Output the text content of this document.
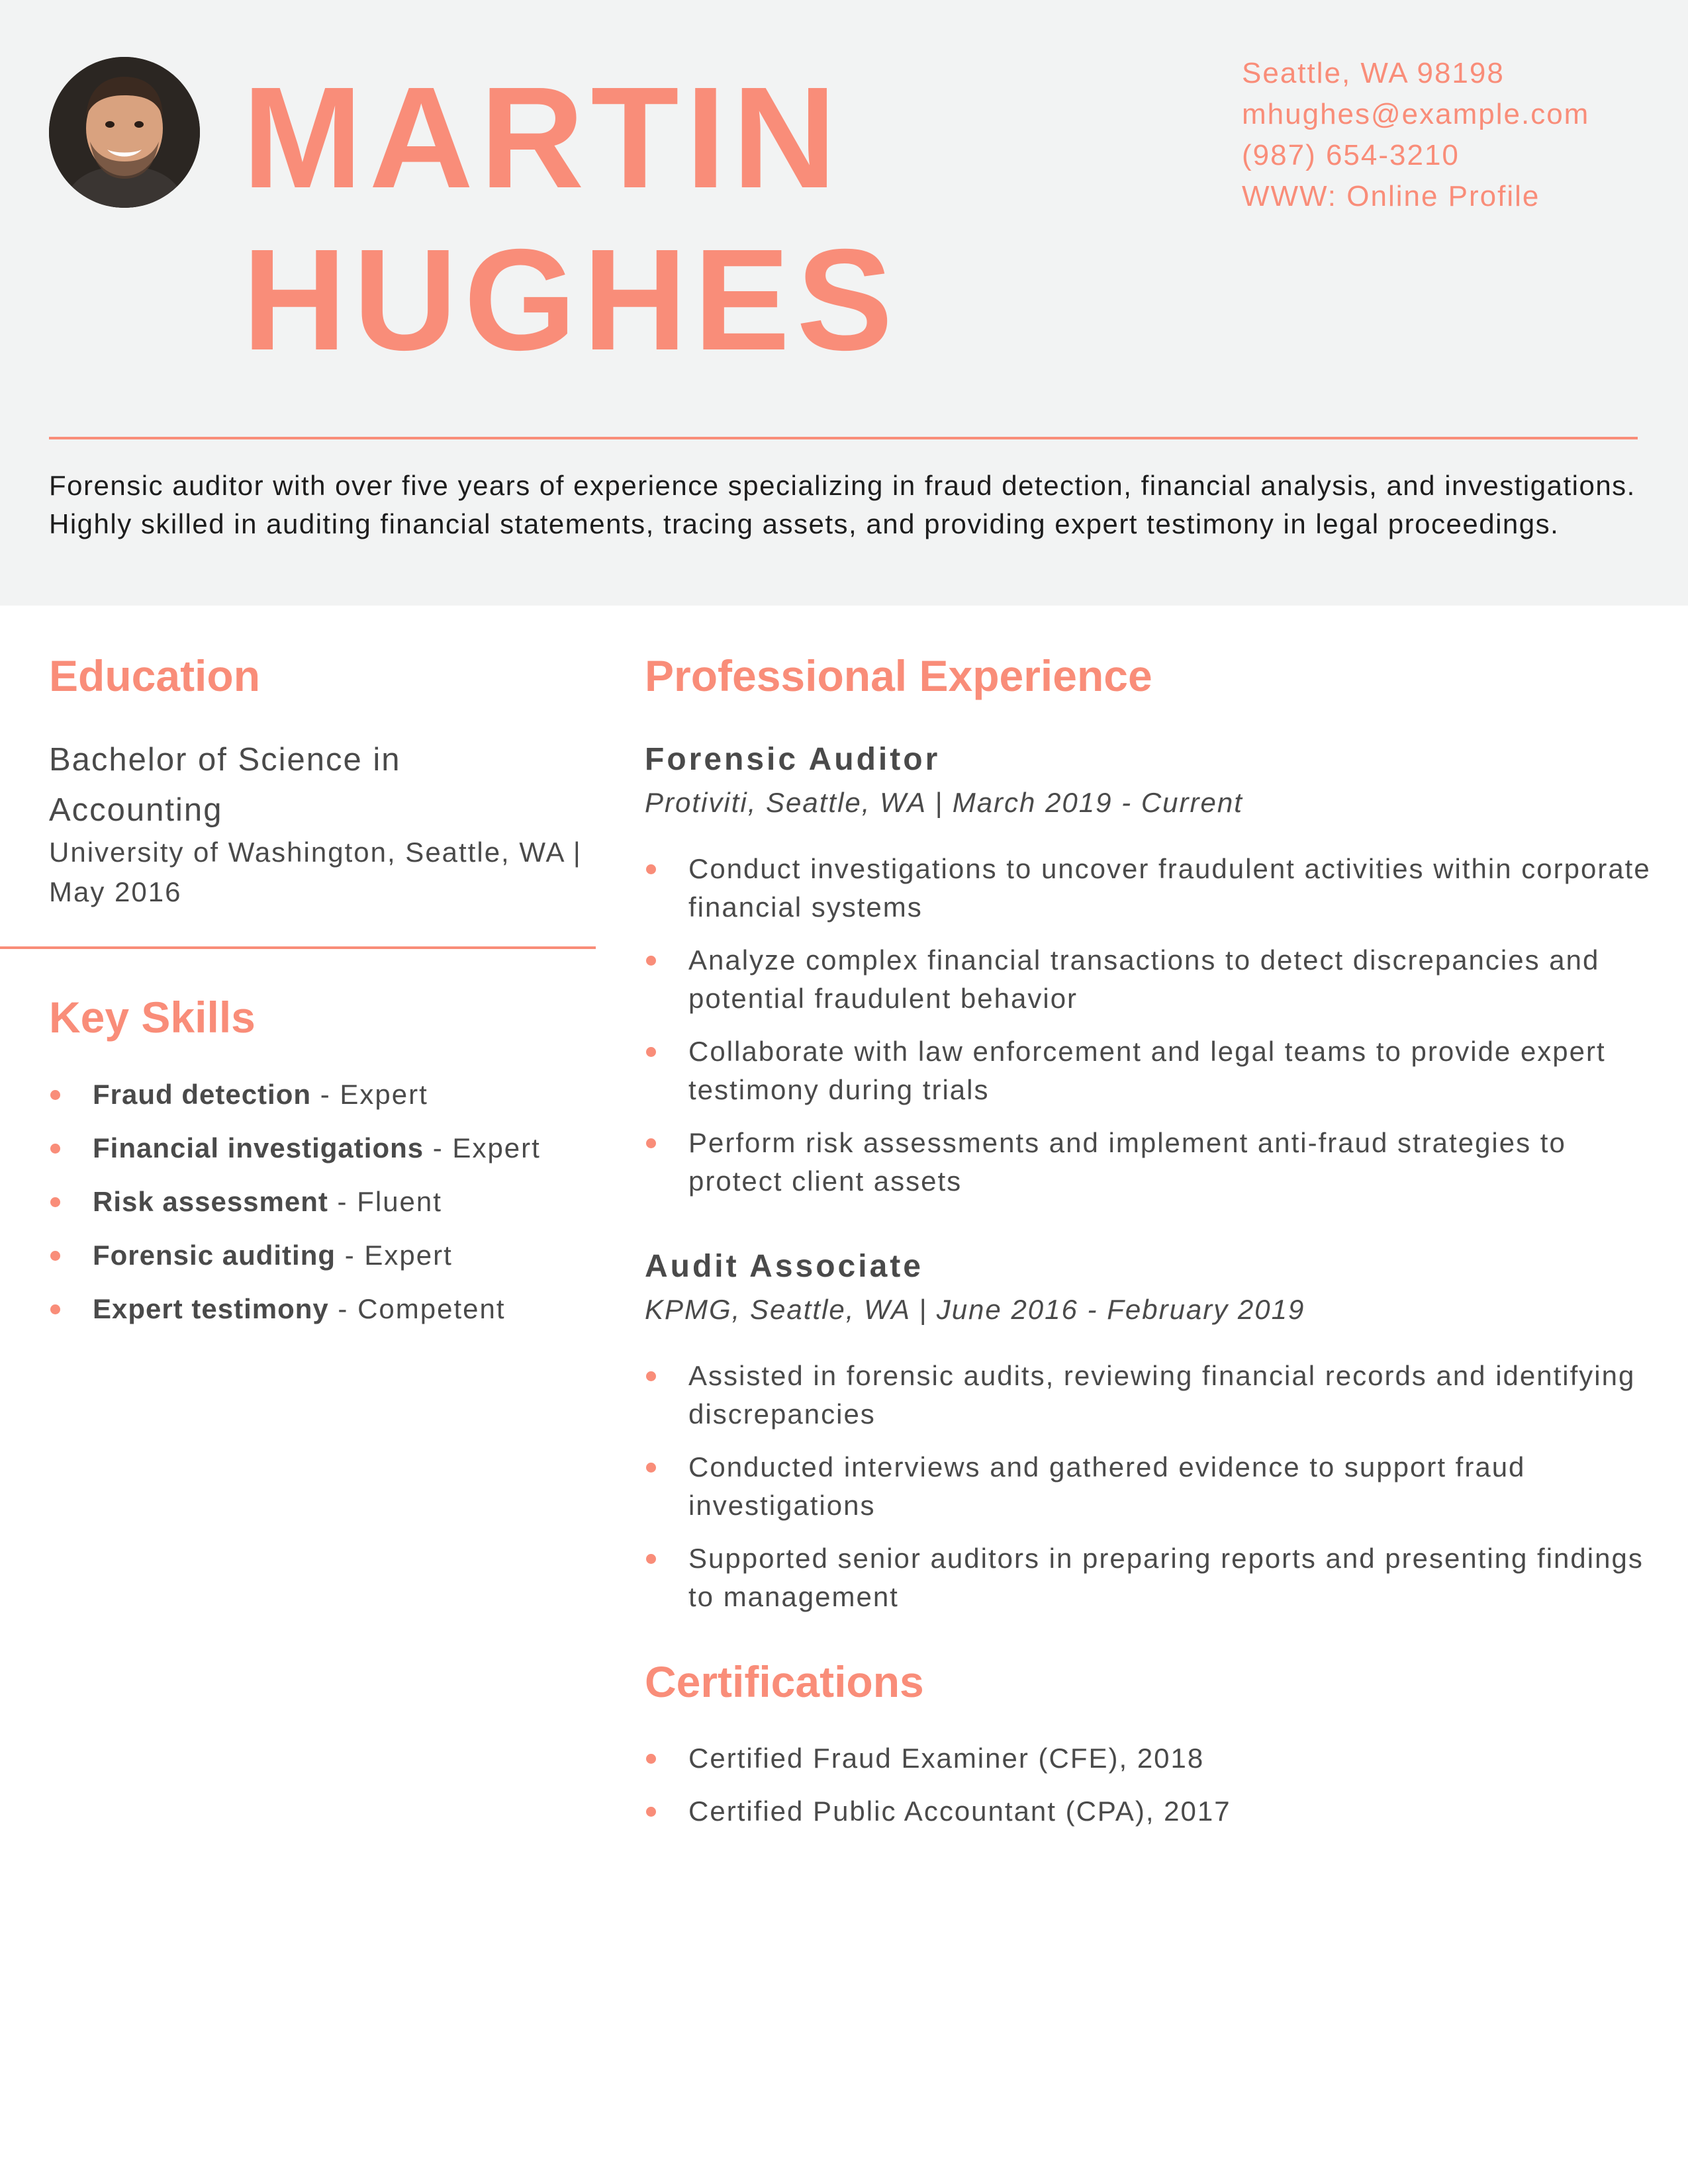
MARTIN
HUGHES
Seattle, WA 98198
mhughes@example.com
(987) 654-3210
WWW: Online Profile
Forensic auditor with over five years of experience specializing in fraud detection, financial analysis, and investigations. Highly skilled in auditing financial statements, tracing assets, and providing expert testimony in legal proceedings.
Education
Bachelor of Science in Accounting
University of Washington, Seattle, WA | May 2016
Key Skills
Fraud detection - Expert
Financial investigations - Expert
Risk assessment - Fluent
Forensic auditing - Expert
Expert testimony - Competent
Professional Experience
Forensic Auditor
Protiviti, Seattle, WA | March 2019 - Current
Conduct investigations to uncover fraudulent activities within corporate financial systems
Analyze complex financial transactions to detect discrepancies and potential fraudulent behavior
Collaborate with law enforcement and legal teams to provide expert testimony during trials
Perform risk assessments and implement anti-fraud strategies to protect client assets
Audit Associate
KPMG, Seattle, WA | June 2016 - February 2019
Assisted in forensic audits, reviewing financial records and identifying discrepancies
Conducted interviews and gathered evidence to support fraud investigations
Supported senior auditors in preparing reports and presenting findings to management
Certifications
Certified Fraud Examiner (CFE), 2018
Certified Public Accountant (CPA), 2017
